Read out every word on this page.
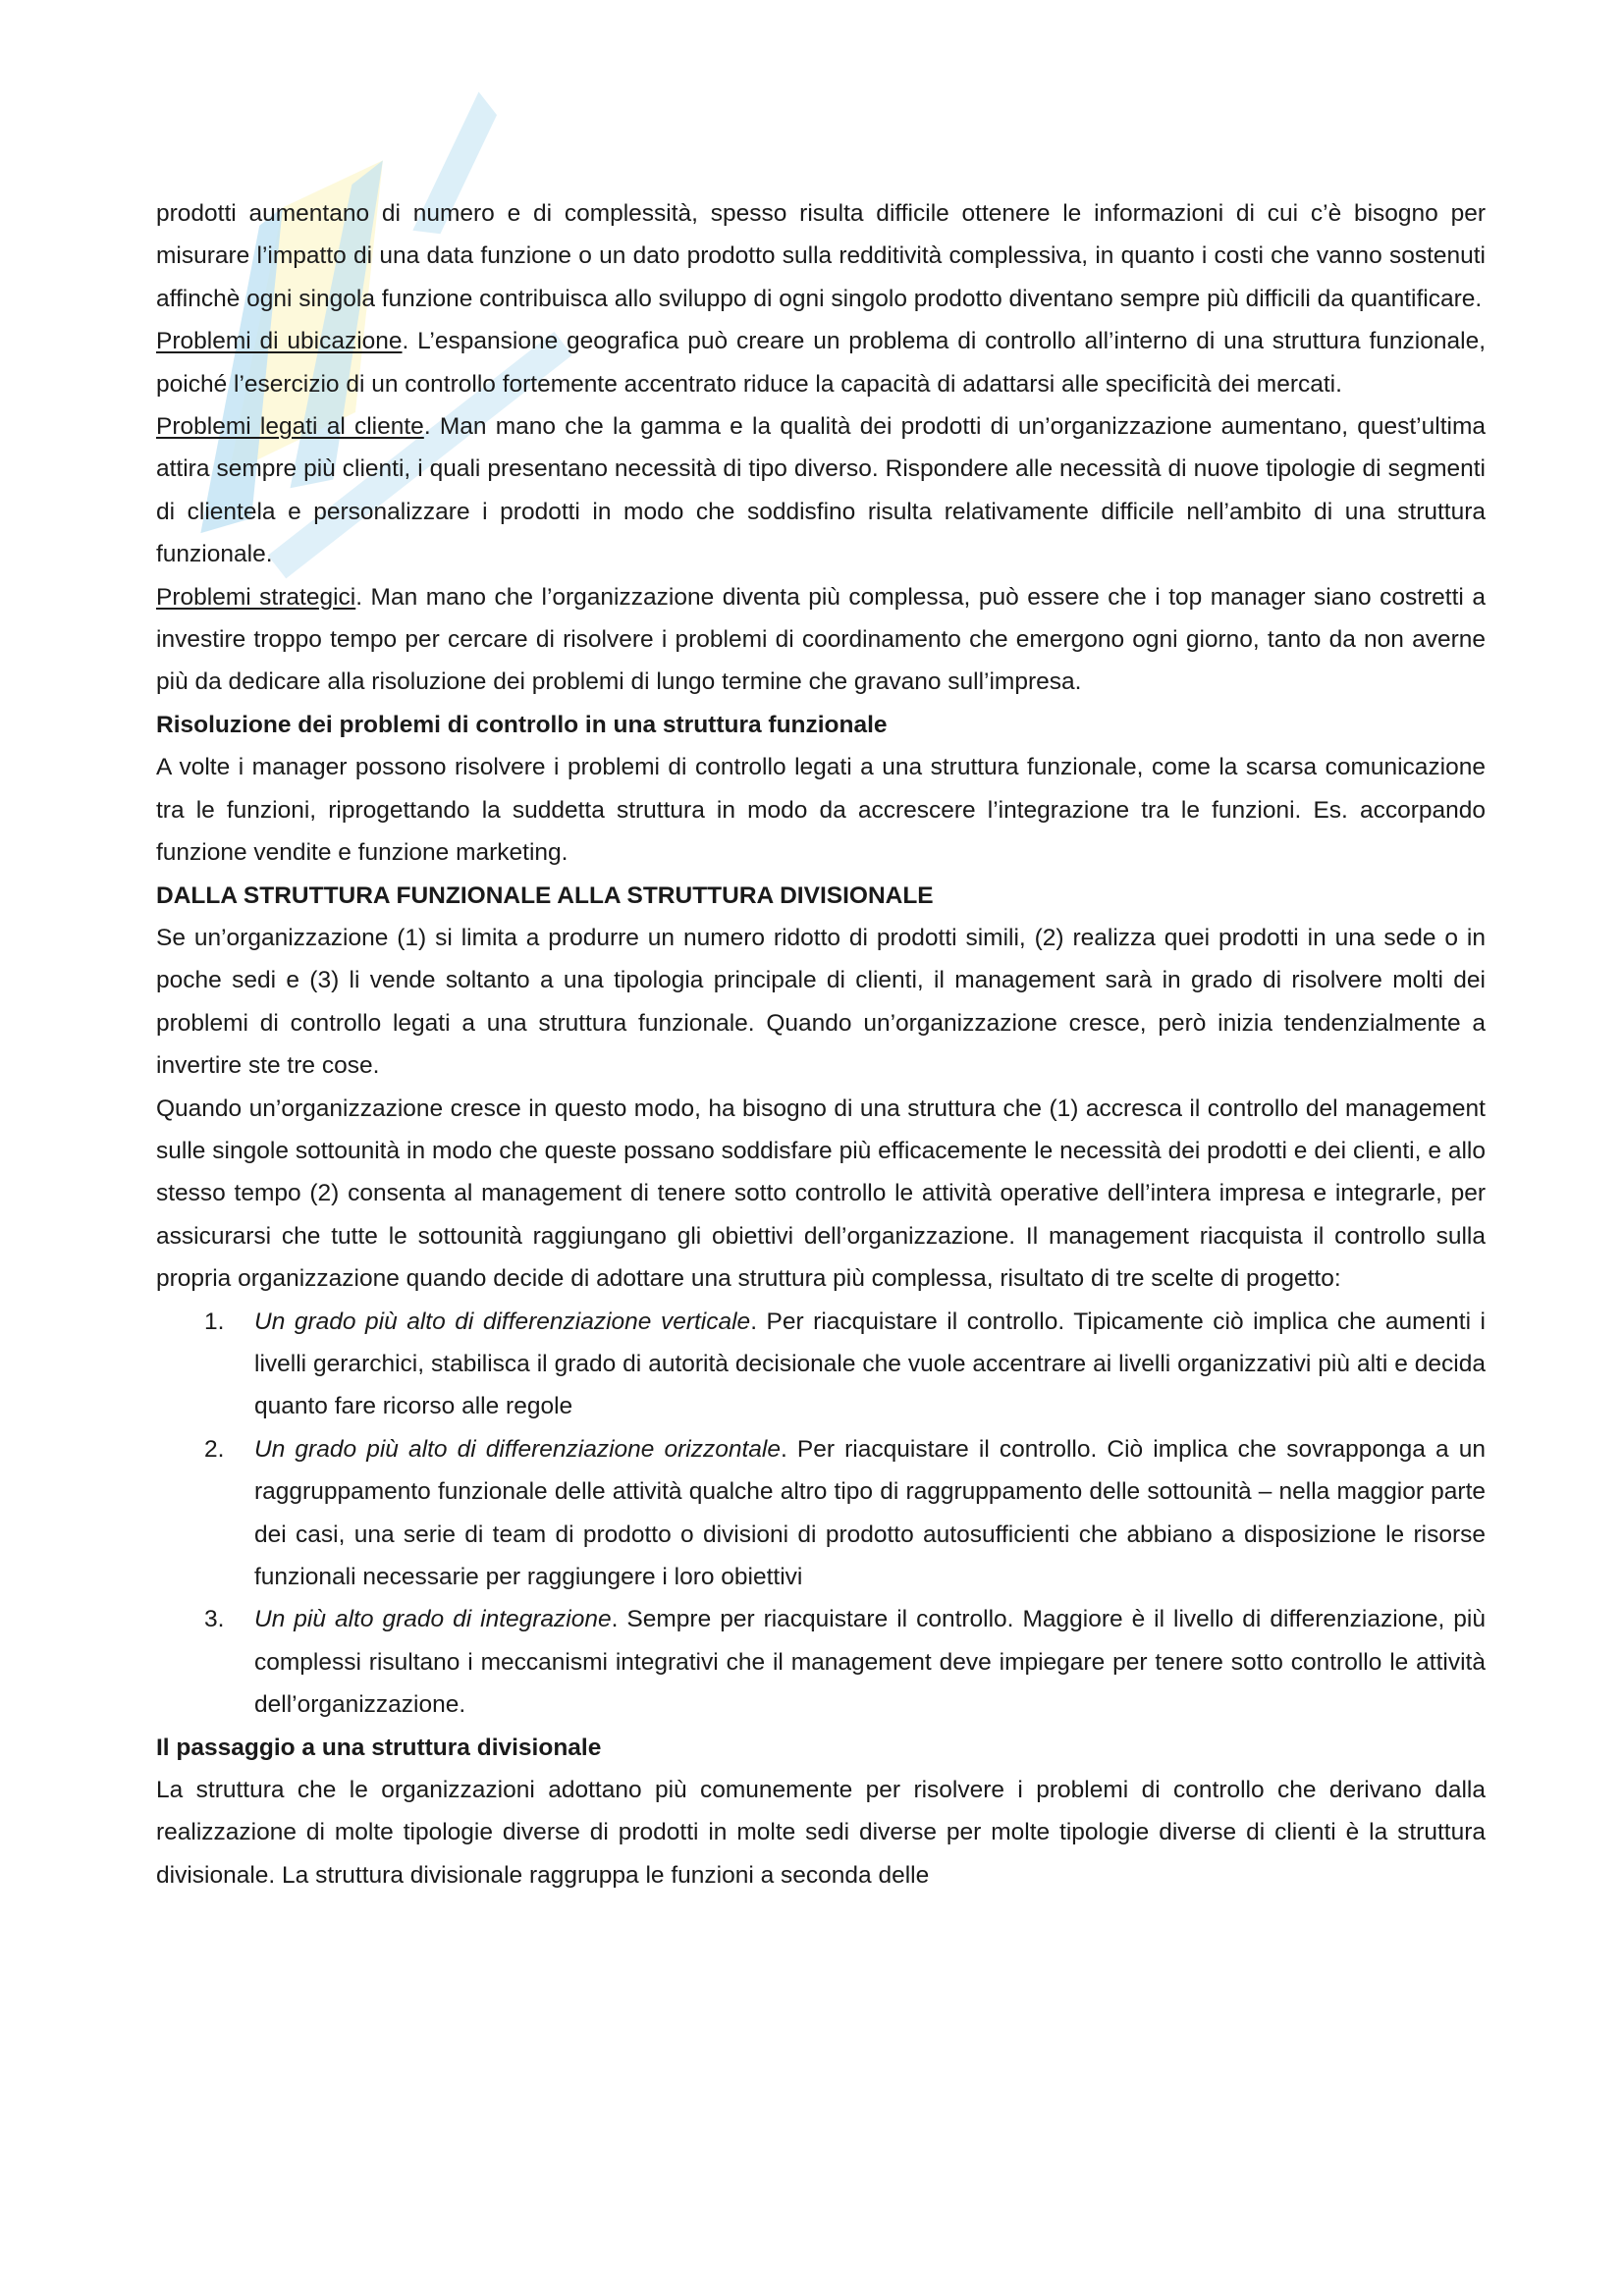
prodotti aumentano di numero e di complessità, spesso risulta difficile ottenere le informazioni di cui c’è bisogno per misurare l’impatto di una data funzione o un dato prodotto sulla redditività complessiva, in quanto i costi che vanno sostenuti affinchè ogni singola funzione contribuisca allo sviluppo di ogni singolo prodotto diventano sempre più difficili da quantificare.

Problemi di ubicazione. L’espansione geografica può creare un problema di controllo all’interno di una struttura funzionale, poiché l’esercizio di un controllo fortemente accentrato riduce la capacità di adattarsi alle specificità dei mercati.

Problemi legati al cliente. Man mano che la gamma e la qualità dei prodotti di un’organizzazione aumentano, quest’ultima attira sempre più clienti, i quali presentano necessità di tipo diverso. Rispondere alle necessità di nuove tipologie di segmenti di clientela e personalizzare i prodotti in modo che soddisfino risulta relativamente difficile nell’ambito di una struttura funzionale.

Problemi strategici. Man mano che l’organizzazione diventa più complessa, può essere che i top manager siano costretti a investire troppo tempo per cercare di risolvere i problemi di coordinamento che emergono ogni giorno, tanto da non averne più da dedicare alla risoluzione dei problemi di lungo termine che gravano sull’impresa.

Risoluzione dei problemi di controllo in una struttura funzionale

A volte i manager possono risolvere i problemi di controllo legati a una struttura funzionale, come la scarsa comunicazione tra le funzioni, riprogettando la suddetta struttura in modo da accrescere l’integrazione tra le funzioni. Es. accorpando funzione vendite e funzione marketing.

DALLA STRUTTURA FUNZIONALE ALLA STRUTTURA DIVISIONALE

Se un’organizzazione (1) si limita a produrre un numero ridotto di prodotti simili, (2) realizza quei prodotti in una sede o in poche sedi e (3) li vende soltanto a una tipologia principale di clienti, il management sarà in grado di risolvere molti dei problemi di controllo legati a una struttura funzionale. Quando un’organizzazione cresce, però inizia tendenzialmente a invertire ste tre cose.

Quando un’organizzazione cresce in questo modo, ha bisogno di una struttura che (1) accresca il controllo del management sulle singole sottounità in modo che queste possano soddisfare più efficacemente le necessità dei prodotti e dei clienti, e allo stesso tempo (2) consenta al management di tenere sotto controllo le attività operative dell’intera impresa e integrarle, per assicurarsi che tutte le sottounità raggiungano gli obiettivi dell’organizzazione. Il management riacquista il controllo sulla propria organizzazione quando decide di adottare una struttura più complessa, risultato di tre scelte di progetto:

1. Un grado più alto di differenziazione verticale. Per riacquistare il controllo. Tipicamente ciò implica che aumenti i livelli gerarchici, stabilisca il grado di autorità decisionale che vuole accentrare ai livelli organizzativi più alti e decida quanto fare ricorso alle regole
2. Un grado più alto di differenziazione orizzontale. Per riacquistare il controllo. Ciò implica che sovrapponga a un raggruppamento funzionale delle attività qualche altro tipo di raggruppamento delle sottounità – nella maggior parte dei casi, una serie di team di prodotto o divisioni di prodotto autosufficienti che abbiano a disposizione le risorse funzionali necessarie per raggiungere i loro obiettivi
3. Un più alto grado di integrazione. Sempre per riacquistare il controllo. Maggiore è il livello di differenziazione, più complessi risultano i meccanismi integrativi che il management deve impiegare per tenere sotto controllo le attività dell’organizzazione.

Il passaggio a una struttura divisionale

La struttura che le organizzazioni adottano più comunemente per risolvere i problemi di controllo che derivano dalla realizzazione di molte tipologie diverse di prodotti in molte sedi diverse per molte tipologie diverse di clienti è la struttura divisionale. La struttura divisionale raggruppa le funzioni a seconda delle
